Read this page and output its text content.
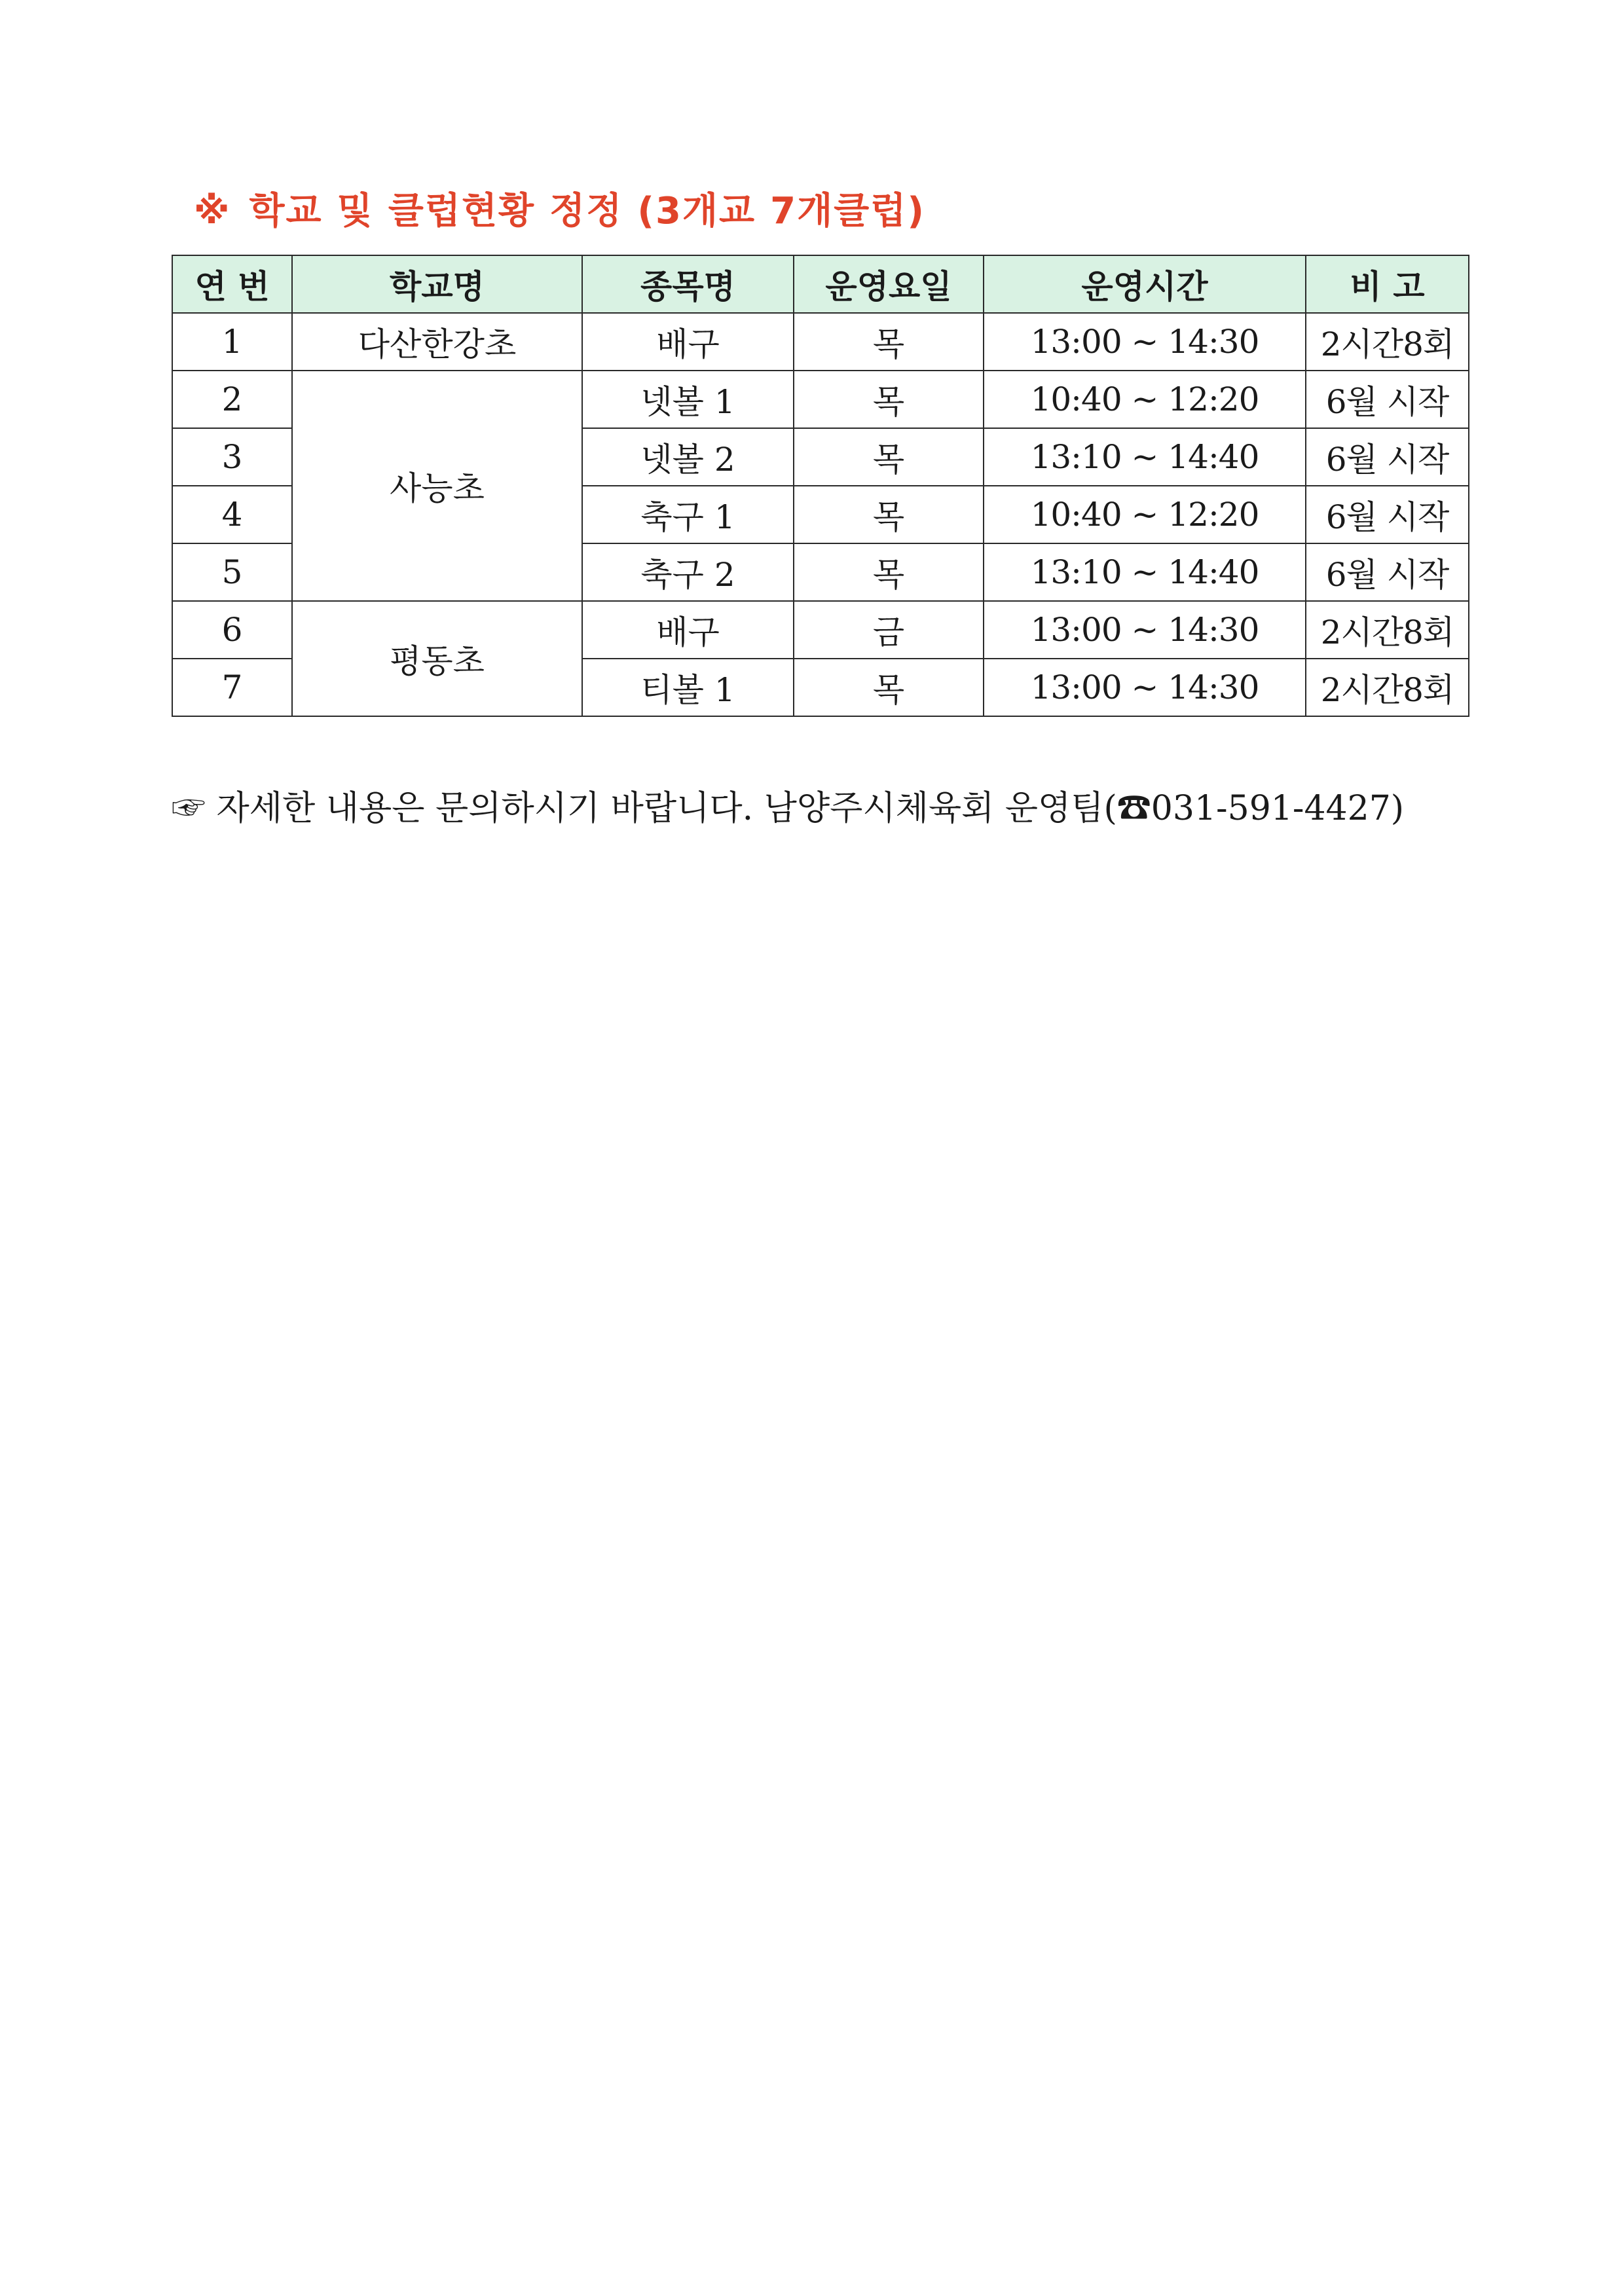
※ 학교 및 클럽현황 정정 (3개교 7개클럽)
연 번	학교명	종목명	운영요일	운영시간	비 고
1	다산한강초	배구	목	13:00 ~ 14:30	2시간8회
2	사능초	넷볼 1	목	10:40 ~ 12:20	6월 시작
3		넷볼 2	목	13:10 ~ 14:40	6월 시작
4		축구 1	목	10:40 ~ 12:20	6월 시작
5		축구 2	목	13:10 ~ 14:40	6월 시작
6	평동초	배구	금	13:00 ~ 14:30	2시간8회
7		티볼 1	목	13:00 ~ 14:30	2시간8회
☞ 자세한 내용은 문의하시기 바랍니다. 남양주시체육회 운영팀(☎031-591-4427)
